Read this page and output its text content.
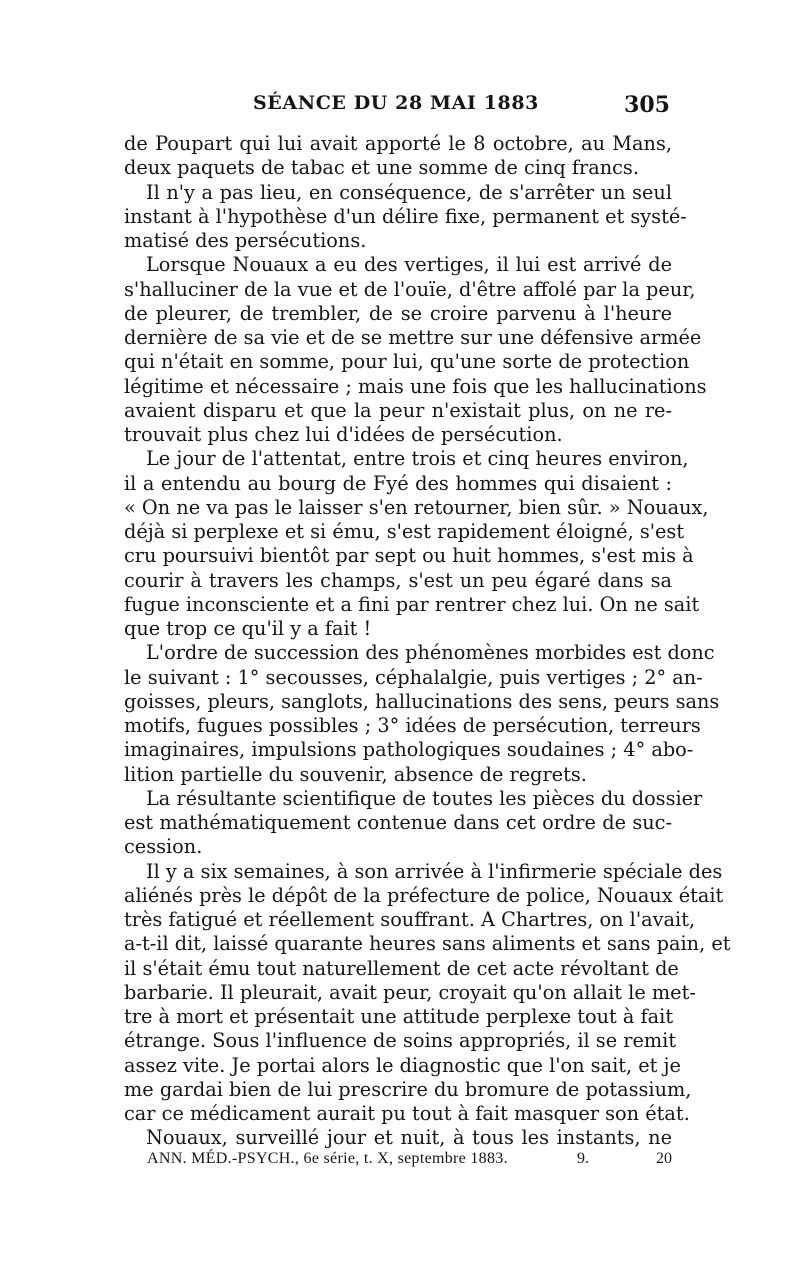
SÉANCE DU 28 MAI 1883	305
de Poupart qui lui avait apporté le 8 octobre, au Mans,
deux paquets de tabac et une somme de cinq francs.
Il n'y a pas lieu, en conséquence, de s'arrêter un seul
instant à l'hypothèse d'un délire fixe, permanent et systé-
matisé des persécutions.
Lorsque Nouaux a eu des vertiges, il lui est arrivé de
s'halluciner de la vue et de l'ouïe, d'être affolé par la peur,
de pleurer, de trembler, de se croire parvenu à l'heure
dernière de sa vie et de se mettre sur une défensive armée
qui n'était en somme, pour lui, qu'une sorte de protection
légitime et nécessaire ; mais une fois que les hallucinations
avaient disparu et que la peur n'existait plus, on ne re-
trouvait plus chez lui d'idées de persécution.
Le jour de l'attentat, entre trois et cinq heures environ,
il a entendu au bourg de Fyé des hommes qui disaient :
« On ne va pas le laisser s'en retourner, bien sûr. » Nouaux,
déjà si perplexe et si ému, s'est rapidement éloigné, s'est
cru poursuivi bientôt par sept ou huit hommes, s'est mis à
courir à travers les champs, s'est un peu égaré dans sa
fugue inconsciente et a fini par rentrer chez lui. On ne sait
que trop ce qu'il y a fait !
L'ordre de succession des phénomènes morbides est donc
le suivant : 1° secousses, céphalalgie, puis vertiges ; 2° an-
goisses, pleurs, sanglots, hallucinations des sens, peurs sans
motifs, fugues possibles ; 3° idées de persécution, terreurs
imaginaires, impulsions pathologiques soudaines ; 4° abo-
lition partielle du souvenir, absence de regrets.
La résultante scientifique de toutes les pièces du dossier
est mathématiquement contenue dans cet ordre de suc-
cession.
Il y a six semaines, à son arrivée à l'infirmerie spéciale des
aliénés près le dépôt de la préfecture de police, Nouaux était
très fatigué et réellement souffrant. A Chartres, on l'avait,
a-t-il dit, laissé quarante heures sans aliments et sans pain, et
il s'était ému tout naturellement de cet acte révoltant de
barbarie. Il pleurait, avait peur, croyait qu'on allait le met-
tre à mort et présentait une attitude perplexe tout à fait
étrange. Sous l'influence de soins appropriés, il se remit
assez vite. Je portai alors le diagnostic que l'on sait, et je
me gardai bien de lui prescrire du bromure de potassium,
car ce médicament aurait pu tout à fait masquer son état.
Nouaux, surveillé jour et nuit, à tous les instants, ne
ANN. MÉD.-PSYCH., 6e série, t. X, septembre 1883.	9.	20
